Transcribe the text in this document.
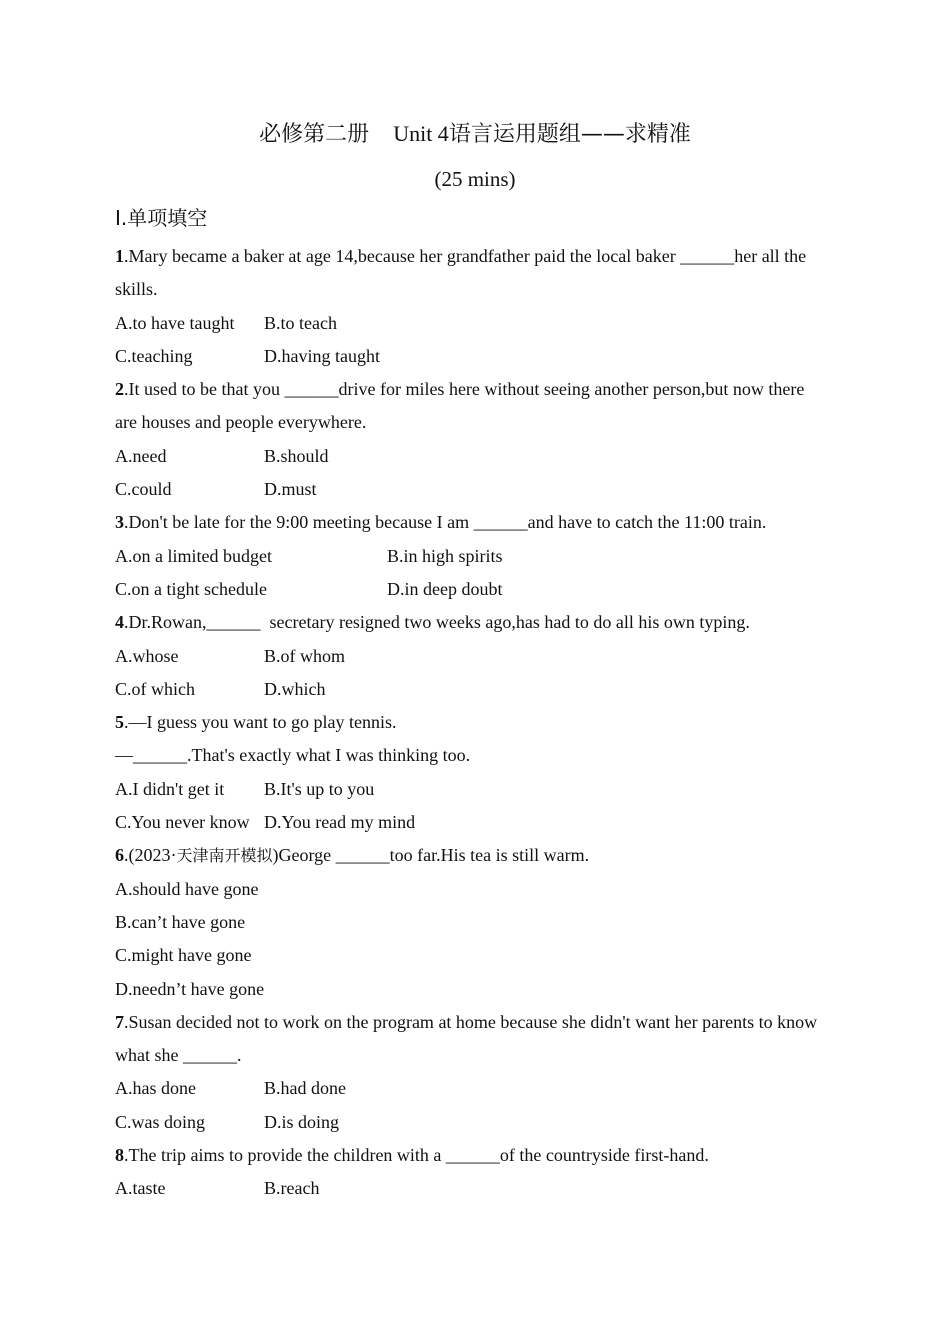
必修第二册 Unit 4语言运用题组——求精准
(25 mins)
Ⅰ.单项填空
1.Mary became a baker at age 14,because her grandfather paid the local baker ______her all the skills.
A.to have taught	B.to teach
C.teaching	D.having taught
2.It used to be that you ______drive for miles here without seeing another person,but now there are houses and people everywhere.
A.need	B.should
C.could	D.must
3.Don't be late for the 9:00 meeting because I am ______and have to catch the 11:00 train.
A.on a limited budget	B.in high spirits
C.on a tight schedule	D.in deep doubt
4.Dr.Rowan,______  secretary resigned two weeks ago,has had to do all his own typing.
A.whose	B.of whom
C.of which	D.which
5.—I guess you want to go play tennis.
—______.That's exactly what I was thinking too.
A.I didn't get it	B.It's up to you
C.You never know D.You read my mind
6.(2023·天津南开模拟)George ______too far.His tea is still warm.
A.should have gone
B.can’t have gone
C.might have gone
D.needn’t have gone
7.Susan decided not to work on the program at home because she didn't want her parents to know what she ______.
A.has done	B.had done
C.was doing	D.is doing
8.The trip aims to provide the children with a ______of the countryside first-hand.
A.taste	B.reach
